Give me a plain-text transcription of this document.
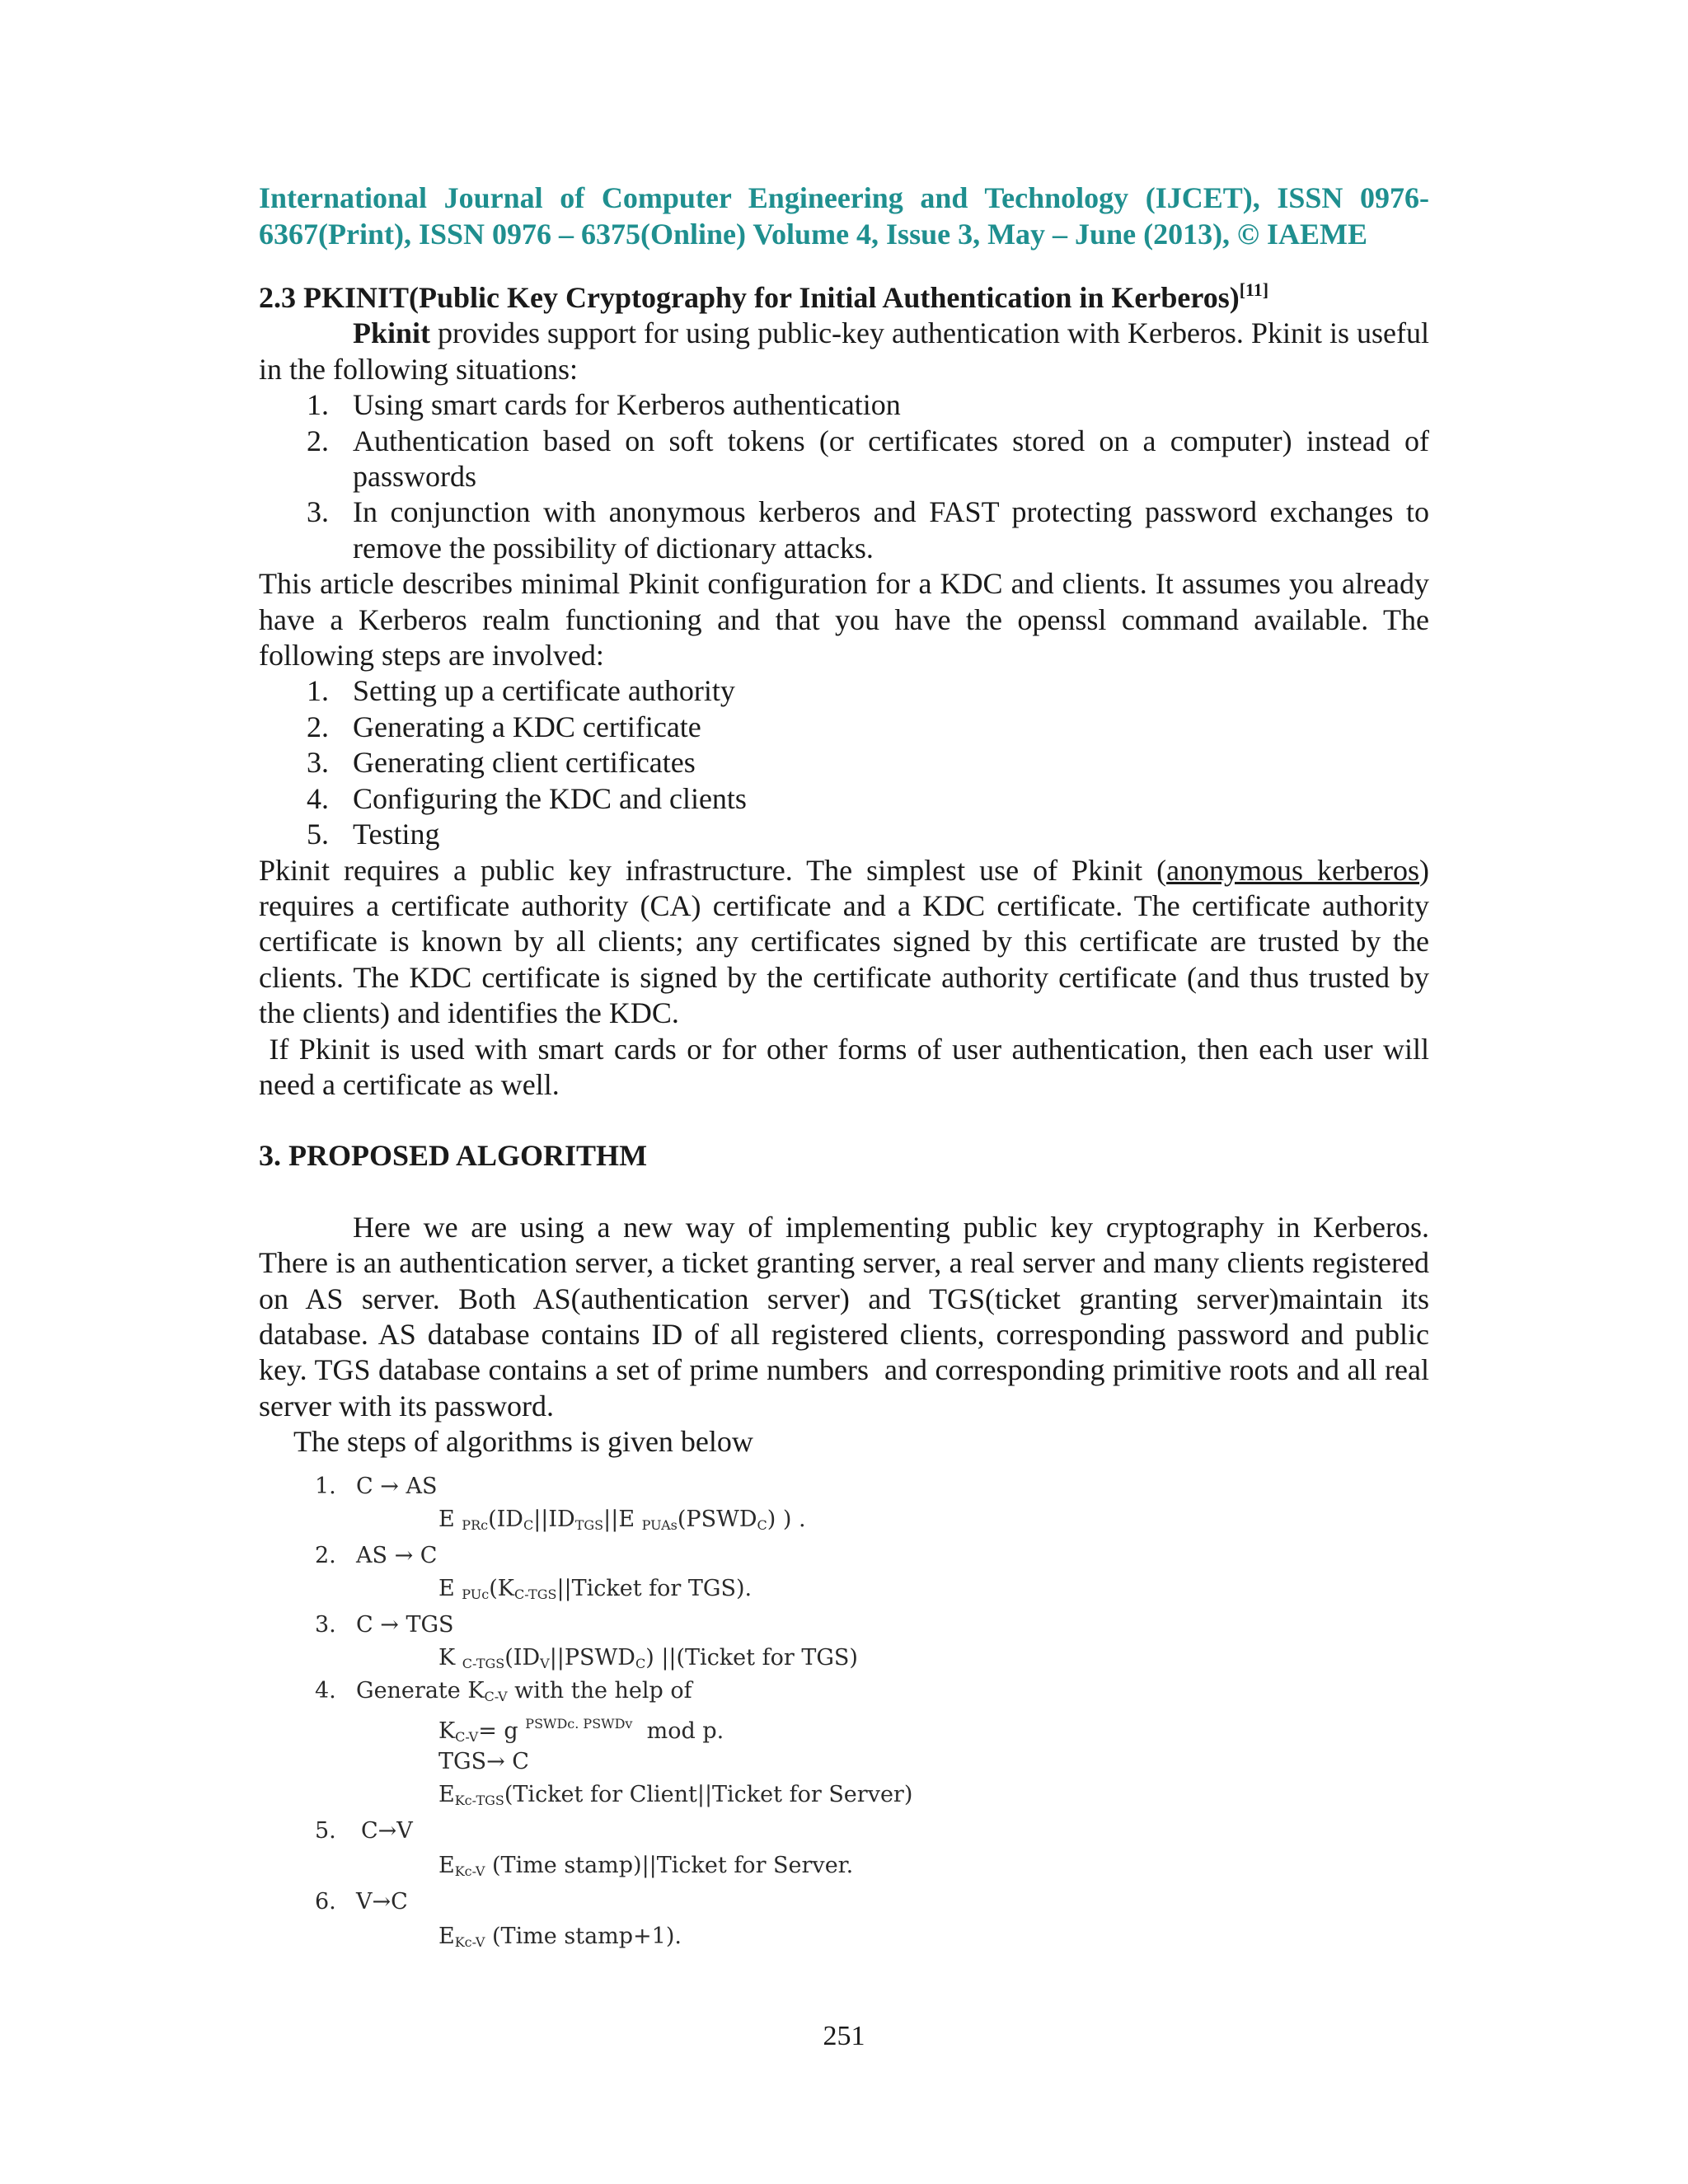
International Journal of Computer Engineering and Technology (IJCET), ISSN 0976-
6367(Print), ISSN 0976 – 6375(Online) Volume 4, Issue 3, May – June (2013), © IAEME
2.3 PKINIT(Public Key Cryptography for Initial Authentication in Kerberos)[11]

Pkinit provides support for using public-key authentication with Kerberos. Pkinit is useful in the following situations:

1. Using smart cards for Kerberos authentication
2. Authentication based on soft tokens (or certificates stored on a computer) instead of passwords
3. In conjunction with anonymous kerberos and FAST protecting password exchanges to remove the possibility of dictionary attacks.

This article describes minimal Pkinit configuration for a KDC and clients. It assumes you already have a Kerberos realm functioning and that you have the openssl command available. The following steps are involved:

1. Setting up a certificate authority
2. Generating a KDC certificate
3. Generating client certificates
4. Configuring the KDC and clients
5. Testing

Pkinit requires a public key infrastructure. The simplest use of Pkinit (anonymous kerberos) requires a certificate authority (CA) certificate and a KDC certificate. The certificate authority certificate is known by all clients; any certificates signed by this certificate are trusted by the clients. The KDC certificate is signed by the certificate authority certificate (and thus trusted by the clients) and identifies the KDC.

If Pkinit is used with smart cards or for other forms of user authentication, then each user will need a certificate as well.

3. PROPOSED ALGORITHM

Here we are using a new way of implementing public key cryptography in Kerberos. There is an authentication server, a ticket granting server, a real server and many clients registered on AS server. Both AS(authentication server) and TGS(ticket granting server)maintain its database. AS database contains ID of all registered clients, corresponding password and public key. TGS database contains a set of prime numbers  and corresponding primitive roots and all real server with its password.

The steps of algorithms is given below
1. C → AS
E $_{PRc}(ID_C||ID_{TGS}||E$ $_{PUAs}(PSWD_C)$ ) .
2. AS → C
E $_{PUc}(K_{C-TGS}||Ticket$ for TGS).
3. C → TGS
K $_{C-TGS}(ID_V||PSWD_C)$ ||(Ticket for TGS)
4. Generate $K_{C-V}$ with the help of
$K_{C-V}= g$ $^{PSWDc. PSWDv}$  mod p.
TGS→ C
$E_{Kc-TGS}(Ticket$ for Client||Ticket for Server)
5. C→V
$E_{Kc-V}$ (Time stamp)||Ticket for Server.
6. V→C
$E_{Kc-V}$ (Time stamp+1).
251
